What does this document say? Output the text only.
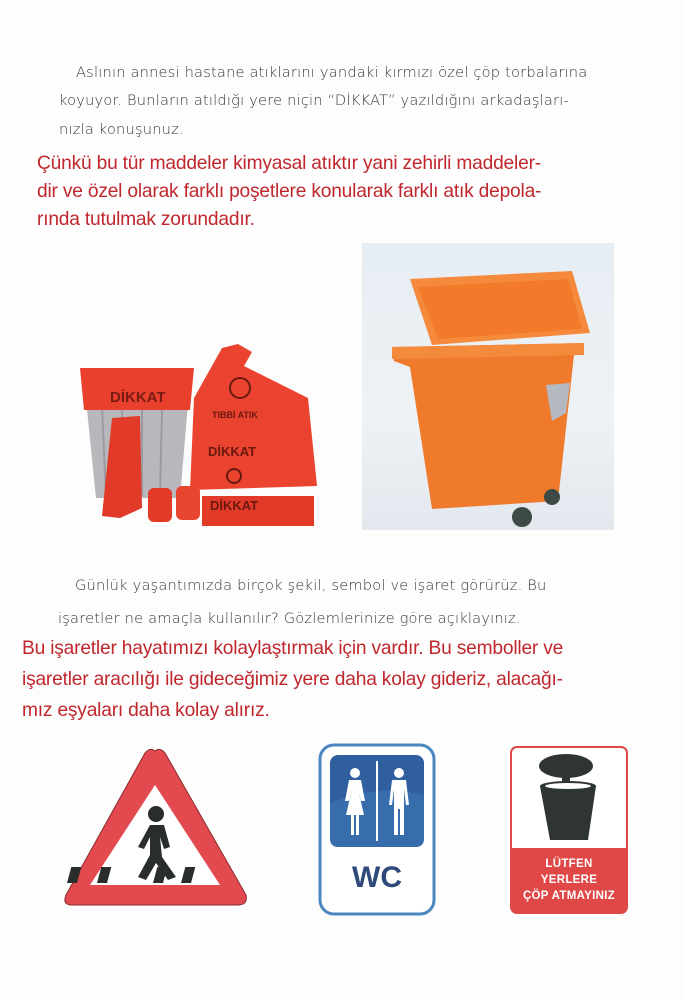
Aslının annesi hastane atıklarını yandaki kırmızı özel çöp torbalarına
koyuyor. Bunların atıldığı yere niçin “DİKKAT” yazıldığını arkadaşları-
nızla konuşunuz.
Çünkü bu tür maddeler kimyasal atıktır yani zehirli maddeler-
dir ve özel olarak farklı poşetlere konularak farklı atık depola-
rında tutulmak zorundadır.
DİKKAT
TIBBİ ATIK
DİKKAT
DİKKAT
Günlük yaşantımızda birçok şekil, sembol ve işaret görürüz. Bu
işaretler ne amaçla kullanılır? Gözlemlerinize göre açıklayınız.
Bu işaretler hayatımızı kolaylaştırmak için vardır. Bu semboller ve
işaretler aracılığı ile gideceğimiz yere daha kolay gideriz, alacağı-
mız eşyaları daha kolay alırız.
WC	LÜTFEN
YERLERE
ÇÖP ATMAYINIZ
